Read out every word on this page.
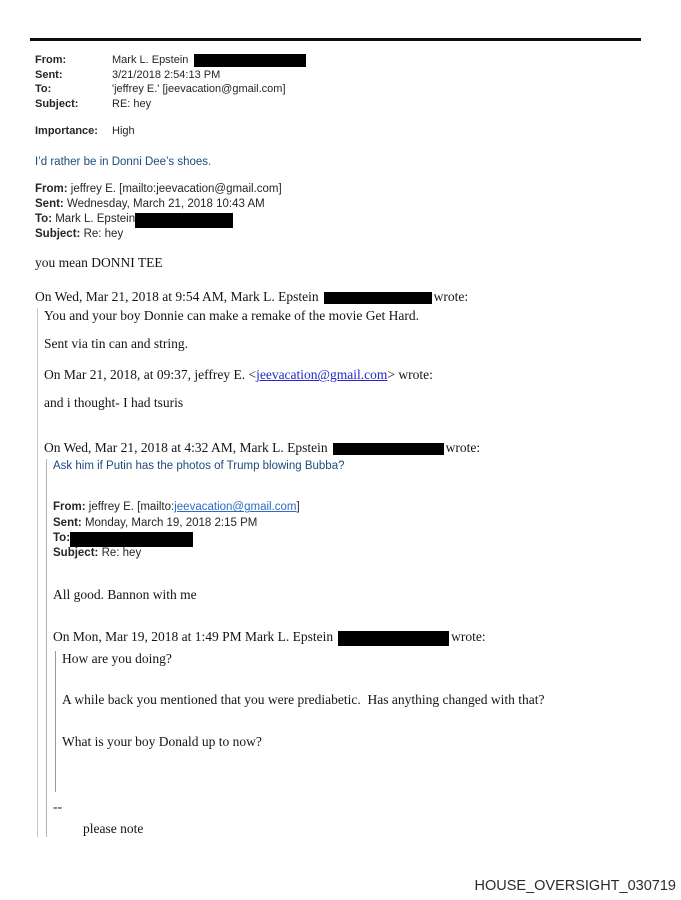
From:	Mark L. Epstein
Sent:	3/21/2018 2:54:13 PM
To:	'jeffrey E.' [jeevacation@gmail.com]
Subject:	RE: hey
Importance:	High

I’d rather be in Donni Dee’s shoes.

From: jeffrey E. [mailto:jeevacation@gmail.com]
Sent: Wednesday, March 21, 2018 10:43 AM
To: Mark L. Epstein
Subject: Re: hey

you mean DONNI TEE

On Wed, Mar 21, 2018 at 9:54 AM, Mark L. Epstein	wrote:

You and your boy Donnie can make a remake of the movie Get Hard.

Sent via tin can and string.

On Mar 21, 2018, at 09:37, jeffrey E. <jeevacation@gmail.com> wrote:

and i thought- I had tsuris

On Wed, Mar 21, 2018 at 4:32 AM, Mark L. Epstein	wrote:

Ask him if Putin has the photos of Trump blowing Bubba?

From: jeffrey E. [mailto:jeevacation@gmail.com]
Sent: Monday, March 19, 2018 2:15 PM
To:
Subject: Re: hey

All good. Bannon with me

On Mon, Mar 19, 2018 at 1:49 PM Mark L. Epstein	wrote:

How are you doing?

A while back you mentioned that you were prediabetic.  Has anything changed with that?

What is your boy Donald up to now?

--

please note

HOUSE_OVERSIGHT_030719
